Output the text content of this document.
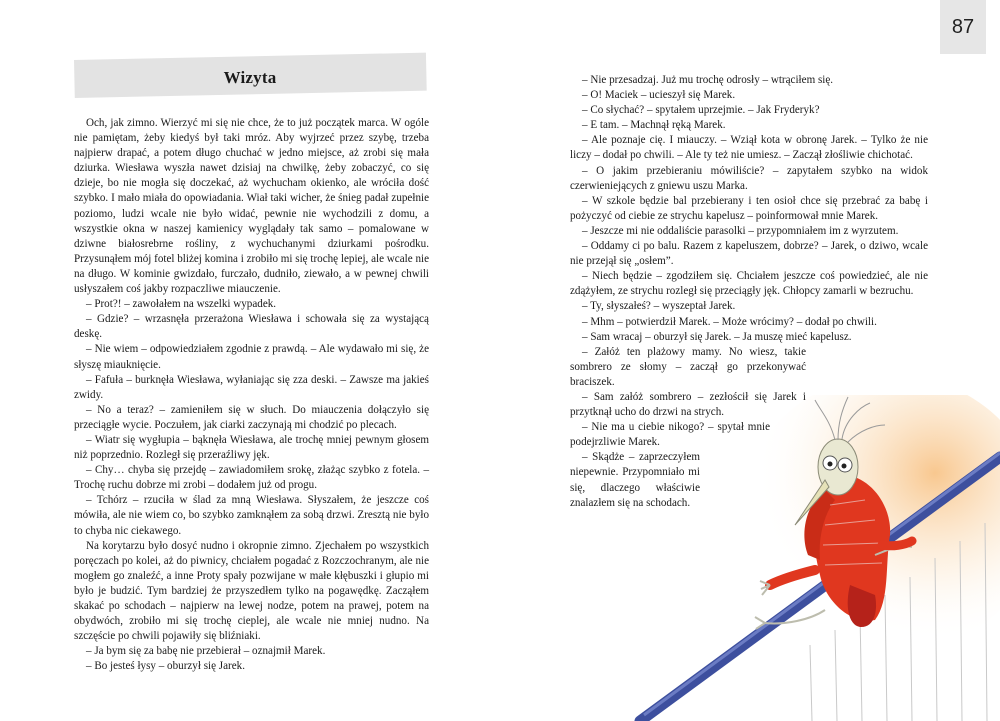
87
Wizyta

Och, jak zimno. Wierzyć mi się nie chce, że to już początek marca. W ogóle nie pamiętam, żeby kiedyś był taki mróz. Aby wyjrzeć przez szybę, trzeba najpierw drapać, a potem długo chuchać w jedno miejsce, aż zrobi się mała dziurka. Wiesława wyszła nawet dzisiaj na chwilkę, żeby zobaczyć, co się dzieje, bo nie mogła się doczekać, aż wychucham okienko, ale wróciła dość szybko. I mało miała do opowiadania. Wiał taki wicher, że śnieg padał zupełnie poziomo, ludzi wcale nie było widać, pewnie nie wychodzili z domu, a wszystkie okna w naszej kamienicy wyglądały tak samo – pomalowane w dziwne białosrebrne rośliny, z wychuchanymi dziurkami pośrodku. Przysunąłem mój fotel bliżej komina i zrobiło mi się trochę lepiej, ale wcale nie na długo. W kominie gwizdało, furczało, dudniło, ziewało, a w pewnej chwili usłyszałem coś jakby rozpaczliwe miauczenie.

– Prot?! – zawołałem na wszelki wypadek.

– Gdzie? – wrzasnęła przerażona Wiesława i schowała się za wystającą deskę.

– Nie wiem – odpowiedziałem zgodnie z prawdą. – Ale wydawało mi się, że słyszę miauknięcie.

– Fafuła – burknęła Wiesława, wyłaniając się zza deski. – Zawsze ma jakieś zwidy.

– No a teraz? – zamieniłem się w słuch. Do miauczenia dołączyło się przeciągłe wycie. Poczułem, jak ciarki zaczynają mi chodzić po plecach.

– Wiatr się wygłupia – bąknęła Wiesława, ale trochę mniej pewnym głosem niż poprzednio. Rozległ się przeraźliwy jęk.

– Chy… chyba się przejdę – zawiadomiłem srokę, złażąc szybko z fotela. – Trochę ruchu dobrze mi zrobi – dodałem już od progu.

– Tchórz – rzuciła w ślad za mną Wiesława. Słyszałem, że jeszcze coś mówiła, ale nie wiem co, bo szybko zamknąłem za sobą drzwi. Zresztą nie było to chyba nic ciekawego.

Na korytarzu było dosyć nudno i okropnie zimno. Zjechałem po wszystkich poręczach po kolei, aż do piwnicy, chciałem pogadać z Rozczochranym, ale nie mogłem go znaleźć, a inne Proty spały pozwijane w małe kłębuszki i głupio mi było je budzić. Tym bardziej że przyszedłem tylko na pogawędkę. Zacząłem skakać po schodach – najpierw na lewej nodze, potem na prawej, potem na obydwóch, zrobiło mi się trochę cieplej, ale wcale nie mniej nudno. Na szczęście po chwili pojawiły się bliźniaki.

– Ja bym się za babę nie przebierał – oznajmił Marek.

– Bo jesteś łysy – oburzył się Jarek.

– Nie przesadzaj. Już mu trochę odrosły – wtrąciłem się.

– O! Maciek – ucieszył się Marek.

– Co słychać? – spytałem uprzejmie. – Jak Fryderyk?

– E tam. – Machnął ręką Marek.

– Ale poznaje cię. I miauczy. – Wziął kota w obronę Jarek. – Tylko że nie liczy – dodał po chwili. – Ale ty też nie umiesz. – Zaczął złośliwie chichotać.

– O jakim przebieraniu mówiliście? – zapytałem szybko na widok czerwieniejących z gniewu uszu Marka.

– W szkole będzie bal przebierany i ten osioł chce się przebrać za babę i pożyczyć od ciebie ze strychu kapelusz – poinformował mnie Marek.

– Jeszcze mi nie oddaliście parasolki – przypomniałem im z wyrzutem.

– Oddamy ci po balu. Razem z kapeluszem, dobrze? – Jarek, o dziwo, wcale nie przejął się „osłem”.

– Niech będzie – zgodziłem się. Chciałem jeszcze coś powiedzieć, ale nie zdążyłem, ze strychu rozległ się przeciągły jęk. Chłopcy zamarli w bezruchu.

– Ty, słyszałeś? – wyszeptał Jarek.

– Mhm – potwierdził Marek. – Może wrócimy? – dodał po chwili.

– Sam wracaj – oburzył się Jarek. – Ja muszę mieć kapelusz.

– Załóż ten plażowy mamy. No wiesz, takie sombrero ze słomy – zaczął go przekonywać braciszek.

– Sam załóż sombrero – zezłościł się Jarek i przytknął ucho do drzwi na strych.

– Nie ma u ciebie nikogo? – spytał mnie podejrzliwie Marek.

– Skądże – zaprzeczyłem niepewnie. Przypomniało mi się, dlaczego właściwie znalazłem się na schodach.
